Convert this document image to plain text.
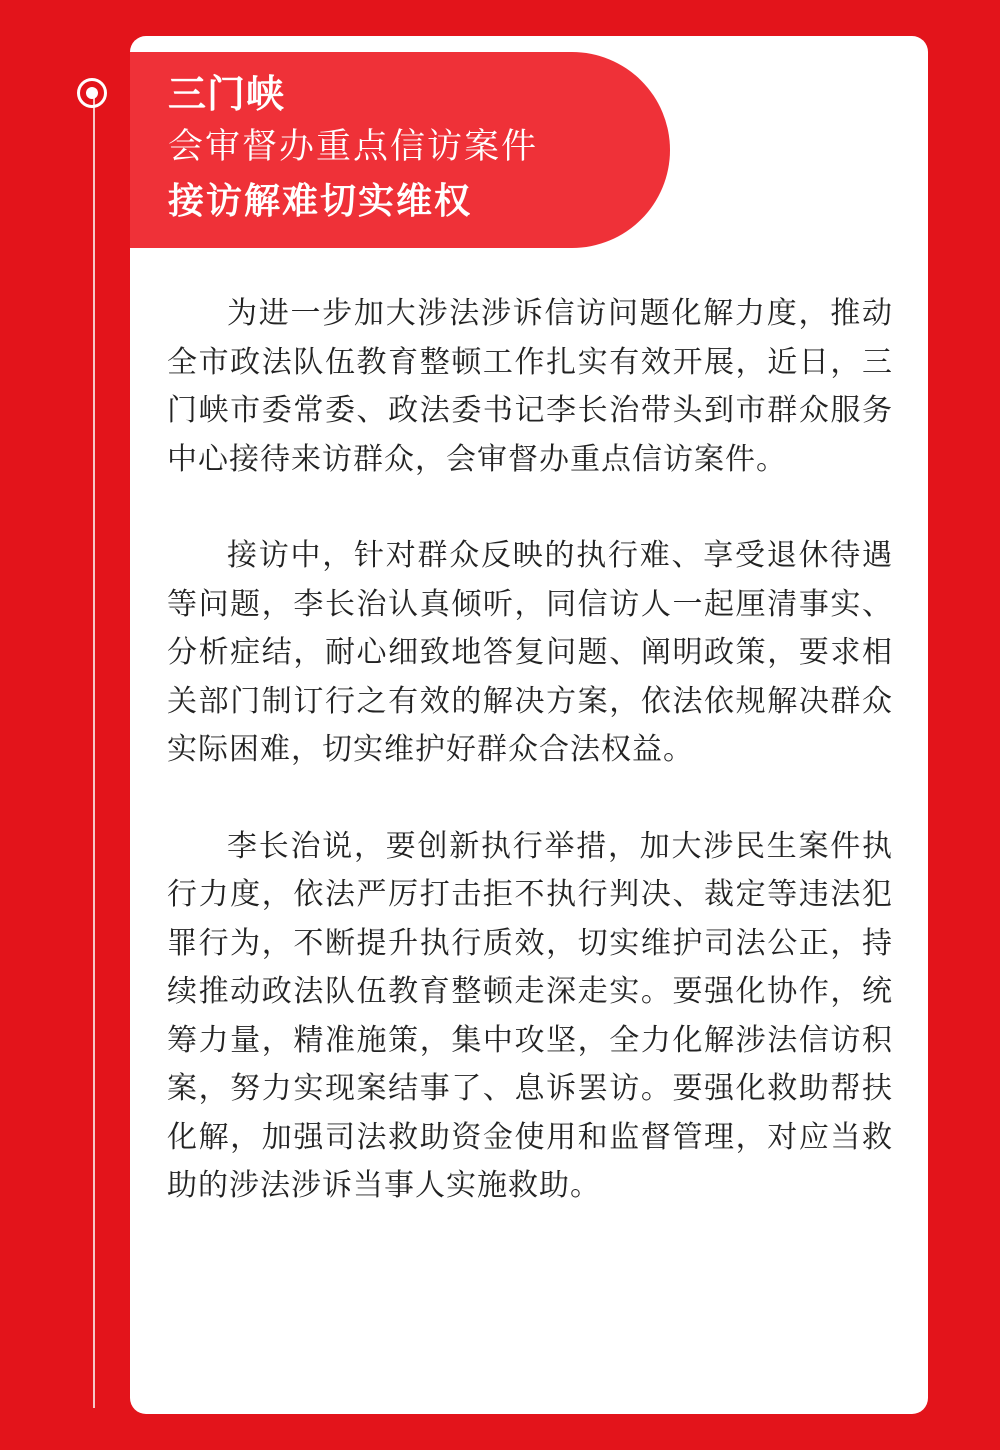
三门峡
会审督办重点信访案件
接访解难切实维权

为进一步加大涉法涉诉信访问题化解力度，推动全市政法队伍教育整顿工作扎实有效开展，近日，三门峡市委常委、政法委书记李长治带头到市群众服务中心接待来访群众，会审督办重点信访案件。

接访中，针对群众反映的执行难、享受退休待遇等问题，李长治认真倾听，同信访人一起厘清事实、分析症结，耐心细致地答复问题、阐明政策，要求相关部门制订行之有效的解决方案，依法依规解决群众实际困难，切实维护好群众合法权益。

李长治说，要创新执行举措，加大涉民生案件执行力度，依法严厉打击拒不执行判决、裁定等违法犯罪行为，不断提升执行质效，切实维护司法公正，持续推动政法队伍教育整顿走深走实。要强化协作，统筹力量，精准施策，集中攻坚，全力化解涉法信访积案，努力实现案结事了、息诉罢访。要强化救助帮扶化解，加强司法救助资金使用和监督管理，对应当救助的涉法涉诉当事人实施救助。
